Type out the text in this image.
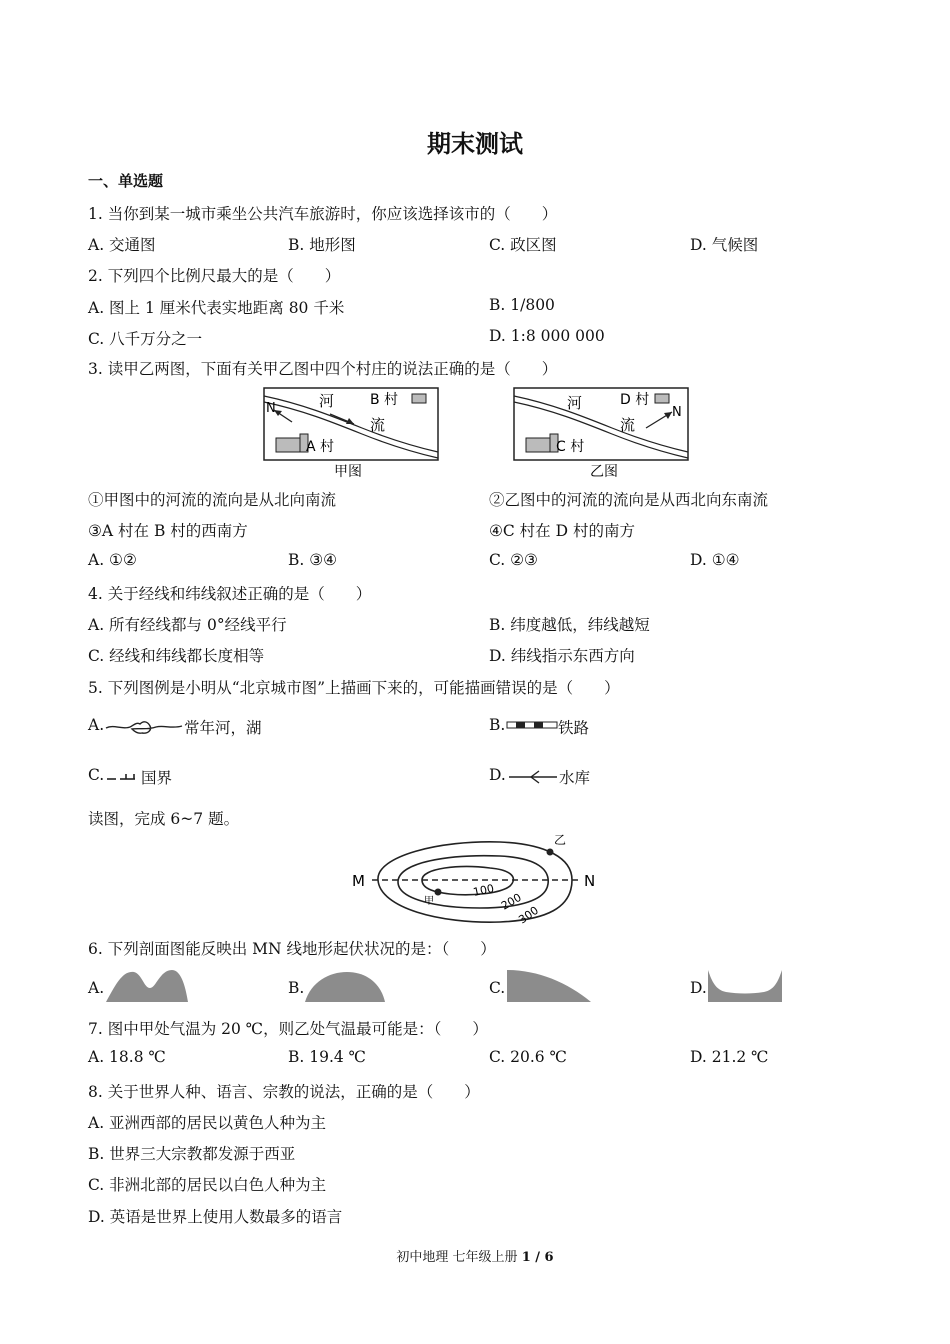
期末测试
一、单选题
1. 当你到某一城市乘坐公共汽车旅游时，你应该选择该市的（　　）
A. 交通图	B. 地形图	C. 政区图	D. 气候图
2. 下列四个比例尺最大的是（　　）
A. 图上 1 厘米代表实地距离 80 千米	B. 1/800
C. 八千万分之一	D. 1:8 000 000
3. 读甲乙两图，下面有关甲乙图中四个村庄的说法正确的是（　　）
N	河
流
B 村
A 村
甲图
河
流
D 村
N
C 村
乙图
①甲图中的河流的流向是从北向南流	②乙图中的河流的流向是从西北向东南流
③A 村在 B 村的西南方	④C 村在 D 村的南方
A. ①②	B. ③④	C. ②③	D. ①④
4. 关于经线和纬线叙述正确的是（　　）
A. 所有经线都与 0°经线平行	B. 纬度越低，纬线越短
C. 经线和纬线都长度相等	D. 纬线指示东西方向
5. 下列图例是小明从“北京城市图”上描画下来的，可能描画错误的是（　　）
A.	常年河，湖	B.	铁路
C. 国界	D.	水库
读图，完成 6~7 题。
M	N
乙
甲
100
200
300
6. 下列剖面图能反映出 MN 线地形起伏状况的是：（　　）
A.	B.	C.	D.
7. 图中甲处气温为 20 ℃，则乙处气温最可能是：（　　）
A. 18.8 ℃	B. 19.4 ℃	C. 20.6 ℃	D. 21.2 ℃
8. 关于世界人种、语言、宗教的说法，正确的是（　　）
A. 亚洲西部的居民以黄色人种为主
B. 世界三大宗教都发源于西亚
C. 非洲北部的居民以白色人种为主
D. 英语是世界上使用人数最多的语言
初中地理 七年级上册 1 / 6
